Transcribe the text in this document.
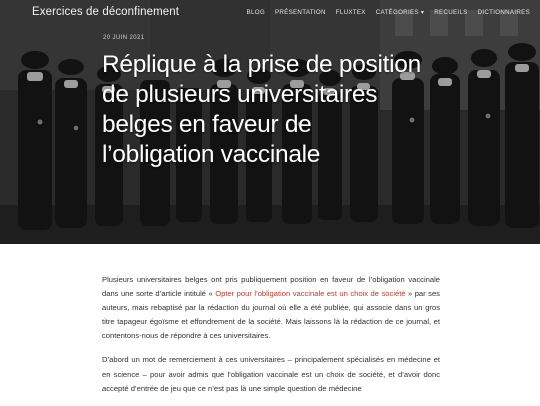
Exercices de déconfinement	BLOG PRÉSENTATION FLUXTEX CATÉGORIES ▾ RECUEILS DICTIONNAIRES
20 JUIN 2021
Réplique à la prise de position de plusieurs universitaires belges en faveur de l’obligation vaccinale

Plusieurs universitaires belges ont pris publiquement position en faveur de l’obligation vaccinale dans une sorte d’article intitulé « Opter pour l’obligation vaccinale est un choix de société » par ses auteurs, mais rebaptisé par la rédaction du journal où elle a été publiée, qui associe dans un gros titre tapageur égoïsme et effondrement de la société. Mais laissons là la rédaction de ce journal, et contentons-nous de répondre à ces universitaires.

D’abord un mot de remerciement à ces universitaires – principalement spécialisés en médecine et en science – pour avoir admis que l’obligation vaccinale est un choix de société, et d’avoir donc accepté d’entrée de jeu que ce n’est pas là une simple question de médecine
